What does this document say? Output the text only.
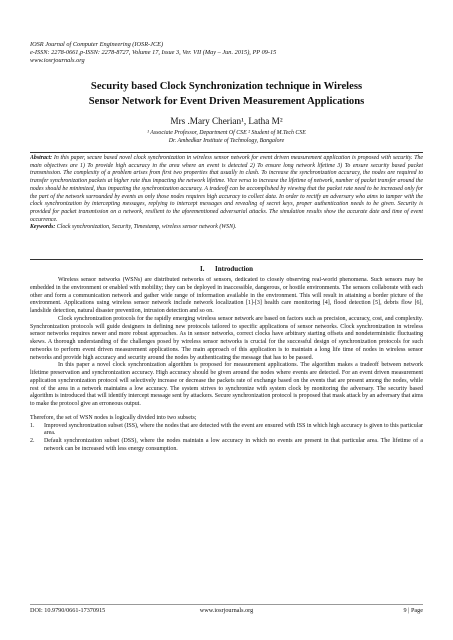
IOSR Journal of Computer Engineering (IOSR-JCE)
e-ISSN: 2278-0661,p-ISSN: 2278-8727, Volume 17, Issue 3, Ver. VII (May – Jun. 2015), PP 09-15
www.iosrjournals.org
Security based Clock Synchronization technique in Wireless
Sensor Network for Event Driven Measurement Applications
Mrs .Mary Cherian¹, Latha M²
¹ Associate Professor, Department Of CSE ² Student of M.Tech CSE
Dr. Ambedkar Institute of Technology, Bangalore

Abstract: In this paper, secure based novel clock synchronization in wireless sensor network for event driven measurement application is proposed with security. The main objectives are 1) To provide high accuracy in the area where an event is detected 2) To ensure long network lifetime 3) To ensure security based packet transmission. The complexity of a problem arises from first two properties that usually in clash. To increase the synchronization accuracy, the nodes are required to transfer synchronization packets at higher rate thus impacting the network lifetime. Vice versa to increase the lifetime of network, number of packet transfer around the nodes should be minimized, thus impacting the synchronization accuracy. A tradeoff can be accomplished by viewing that the packet rate need to be increased only for the part of the network surrounded by events as only those nodes requires high accuracy to collect data. In order to rectify an adversary who aims to tamper with the clock synchronization by intercepting messages, replying to intercept messages and revealing of secret keys, proper authentication needs to be given. Security is provided for packet transmission on a network, resilient to the aforementioned adversarial attacks. The simulation results show the accurate date and time of event occurrence.

Keywords: Clock synchronization, Security, Timestamp, wireless sensor network (WSN).

I.      Introduction

Wireless sensor networks (WSNs) are distributed networks of sensors, dedicated to closely observing real-world phenomena. Such sensors may be embedded in the environment or enabled with mobility; they can be deployed in inaccessible, dangerous, or hostile environments. The sensors collaborate with each other and form a communication network and gather wide range of information available in the environment. This will result in attaining a border picture of the environment. Applications using wireless sensor network include network localization [1]-[3] health care monitoring [4], flood detection [5], debris flow [6], landslide detection, natural disaster prevention, intrusion detection and so on.

Clock synchronization protocols for the rapidly emerging wireless sensor network are based on factors such as precision, accuracy, cost, and complexity. Synchronization protocols will guide designers in defining new protocols tailored to specific applications of sensor networks. Clock synchronization in wireless sensor networks requires newer and more robust approaches. As in sensor networks, correct clocks have arbitrary starting offsets and nondeterministic fluctuating skews. A thorough understanding of the challenges posed by wireless sensor networks is crucial for the successful design of synchronization protocols for such networks to perform event driven measurement applications. The main approach of this application is to maintain a long life time of nodes in wireless sensor networks and provide high accuracy and security around the nodes by authenticating the message that has to be passed.

In this paper a novel clock synchronization algorithm is proposed for measurement applications. The algorithm makes a tradeoff between network lifetime preservation and synchronization accuracy. High accuracy should be given around the nodes where events are detected. For an event driven measurement application synchronization protocol will selectively increase or decrease the packets rate of exchange based on the events that are present among the nodes, while rest of the area in a network maintains a low accuracy. The system strives to synchronize with system clock by monitoring the adversary. The security based algorithm is introduced that will identify intercept message sent by attackers. Secure synchronization protocol is proposed that mask attack by an adversary that aims to make the protocol give an erroneous output.

Therefore, the set of WSN nodes is logically divided into two subsets;

1. Improved synchronization subset (ISS), where the nodes that are detected with the event are ensured with ISS in which high accuracy is given to this particular area.
2. Default synchronization subset (DSS), where the nodes maintain a low accuracy in which no events are present in that particular area. The lifetime of a network can be increased with less energy consumption.
DOI: 10.9790/0661-17370915	www.iosrjournals.org	9 | Page
